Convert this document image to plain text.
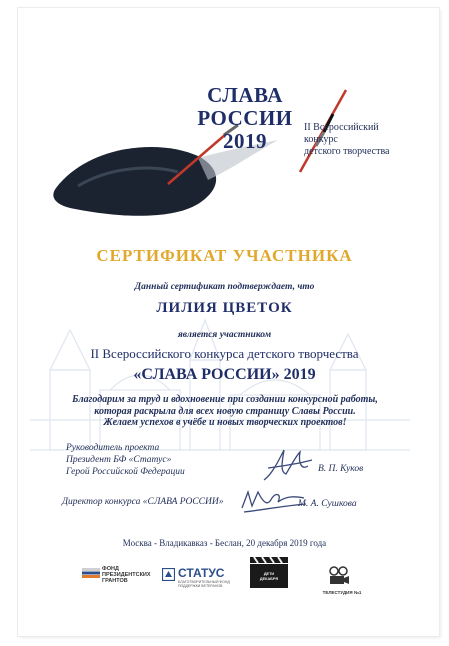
СЛАВА
РОССИИ
2019
II Всероссийский
конкурс
детского творчества
СЕРТИФИКАТ УЧАСТНИКА
Данный сертификат подтверждает, что
ЛИЛИЯ ЦВЕТОК
является участником
II Всероссийского конкурса детского творчества
«СЛАВА РОССИИ» 2019
Благодарим за труд и вдохновение при создании конкурсной работы,
которая раскрыла для всех новую страницу Славы России.
Желаем успехов в учёбе и новых творческих проектов!
Руководитель проекта
Президент БФ «Статус»
Герой Российской Федерации	В. П. Куков
Директор конкурса «СЛАВА РОССИИ»	М. А. Сушкова
Москва - Владикавказ - Беслан, 20 декабря 2019 года
ФОНД
ПРЕЗИДЕНТСКИХ
ГРАНТОВ
СТАТУС
БЛАГОТВОРИТЕЛЬНЫЙ ФОНД ПОДДЕРЖКИ ВЕТЕРАНОВ
ДЕТИ
ДЕКАБРЯ
ТЕЛЕСТУДИЯ №1
